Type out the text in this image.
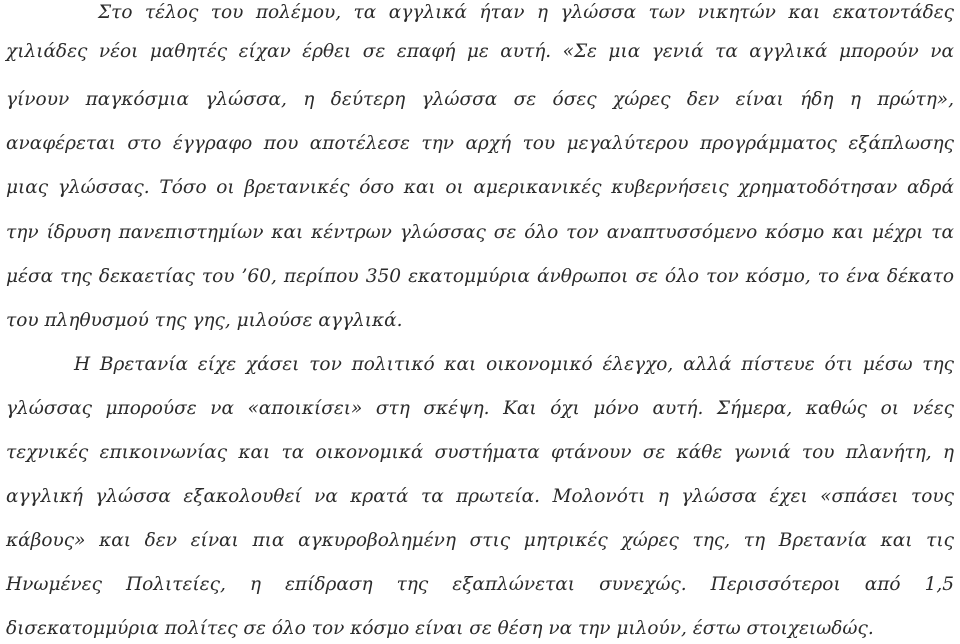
Στο τέλος του πολέμου, τα αγγλικά ήταν η γλώσσα των νικητών και εκατοντάδες
χιλιάδες νέοι μαθητές είχαν έρθει σε επαφή με αυτή. «Σε μια γενιά τα αγγλικά μπορούν να
γίνουν παγκόσμια γλώσσα, η δεύτερη γλώσσα σε όσες χώρες δεν είναι ήδη η πρώτη»,
αναφέρεται στο έγγραφο που αποτέλεσε την αρχή του μεγαλύτερου προγράμματος εξάπλωσης
μιας γλώσσας. Τόσο οι βρετανικές όσο και οι αμερικανικές κυβερνήσεις χρηματοδότησαν αδρά
την ίδρυση πανεπιστημίων και κέντρων γλώσσας σε όλο τον αναπτυσσόμενο κόσμο και μέχρι τα
μέσα της δεκαετίας του ’60, περίπου 350 εκατομμύρια άνθρωποι σε όλο τον κόσμο, το ένα δέκατο
του πληθυσμού της γης, μιλούσε αγγλικά.
Η Βρετανία είχε χάσει τον πολιτικό και οικονομικό έλεγχο, αλλά πίστευε ότι μέσω της
γλώσσας μπορούσε να «αποικίσει» στη σκέψη. Και όχι μόνο αυτή. Σήμερα, καθώς οι νέες
τεχνικές επικοινωνίας και τα οικονομικά συστήματα φτάνουν σε κάθε γωνιά του πλανήτη, η
αγγλική γλώσσα εξακολουθεί να κρατά τα πρωτεία. Μολονότι η γλώσσα έχει «σπάσει τους
κάβους» και δεν είναι πια αγκυροβολημένη στις μητρικές χώρες της, τη Βρετανία και τις
Ηνωμένες Πολιτείες, η επίδραση της εξαπλώνεται συνεχώς. Περισσότεροι από 1,5
δισεκατομμύρια πολίτες σε όλο τον κόσμο είναι σε θέση να την μιλούν, έστω στοιχειωδώς.
